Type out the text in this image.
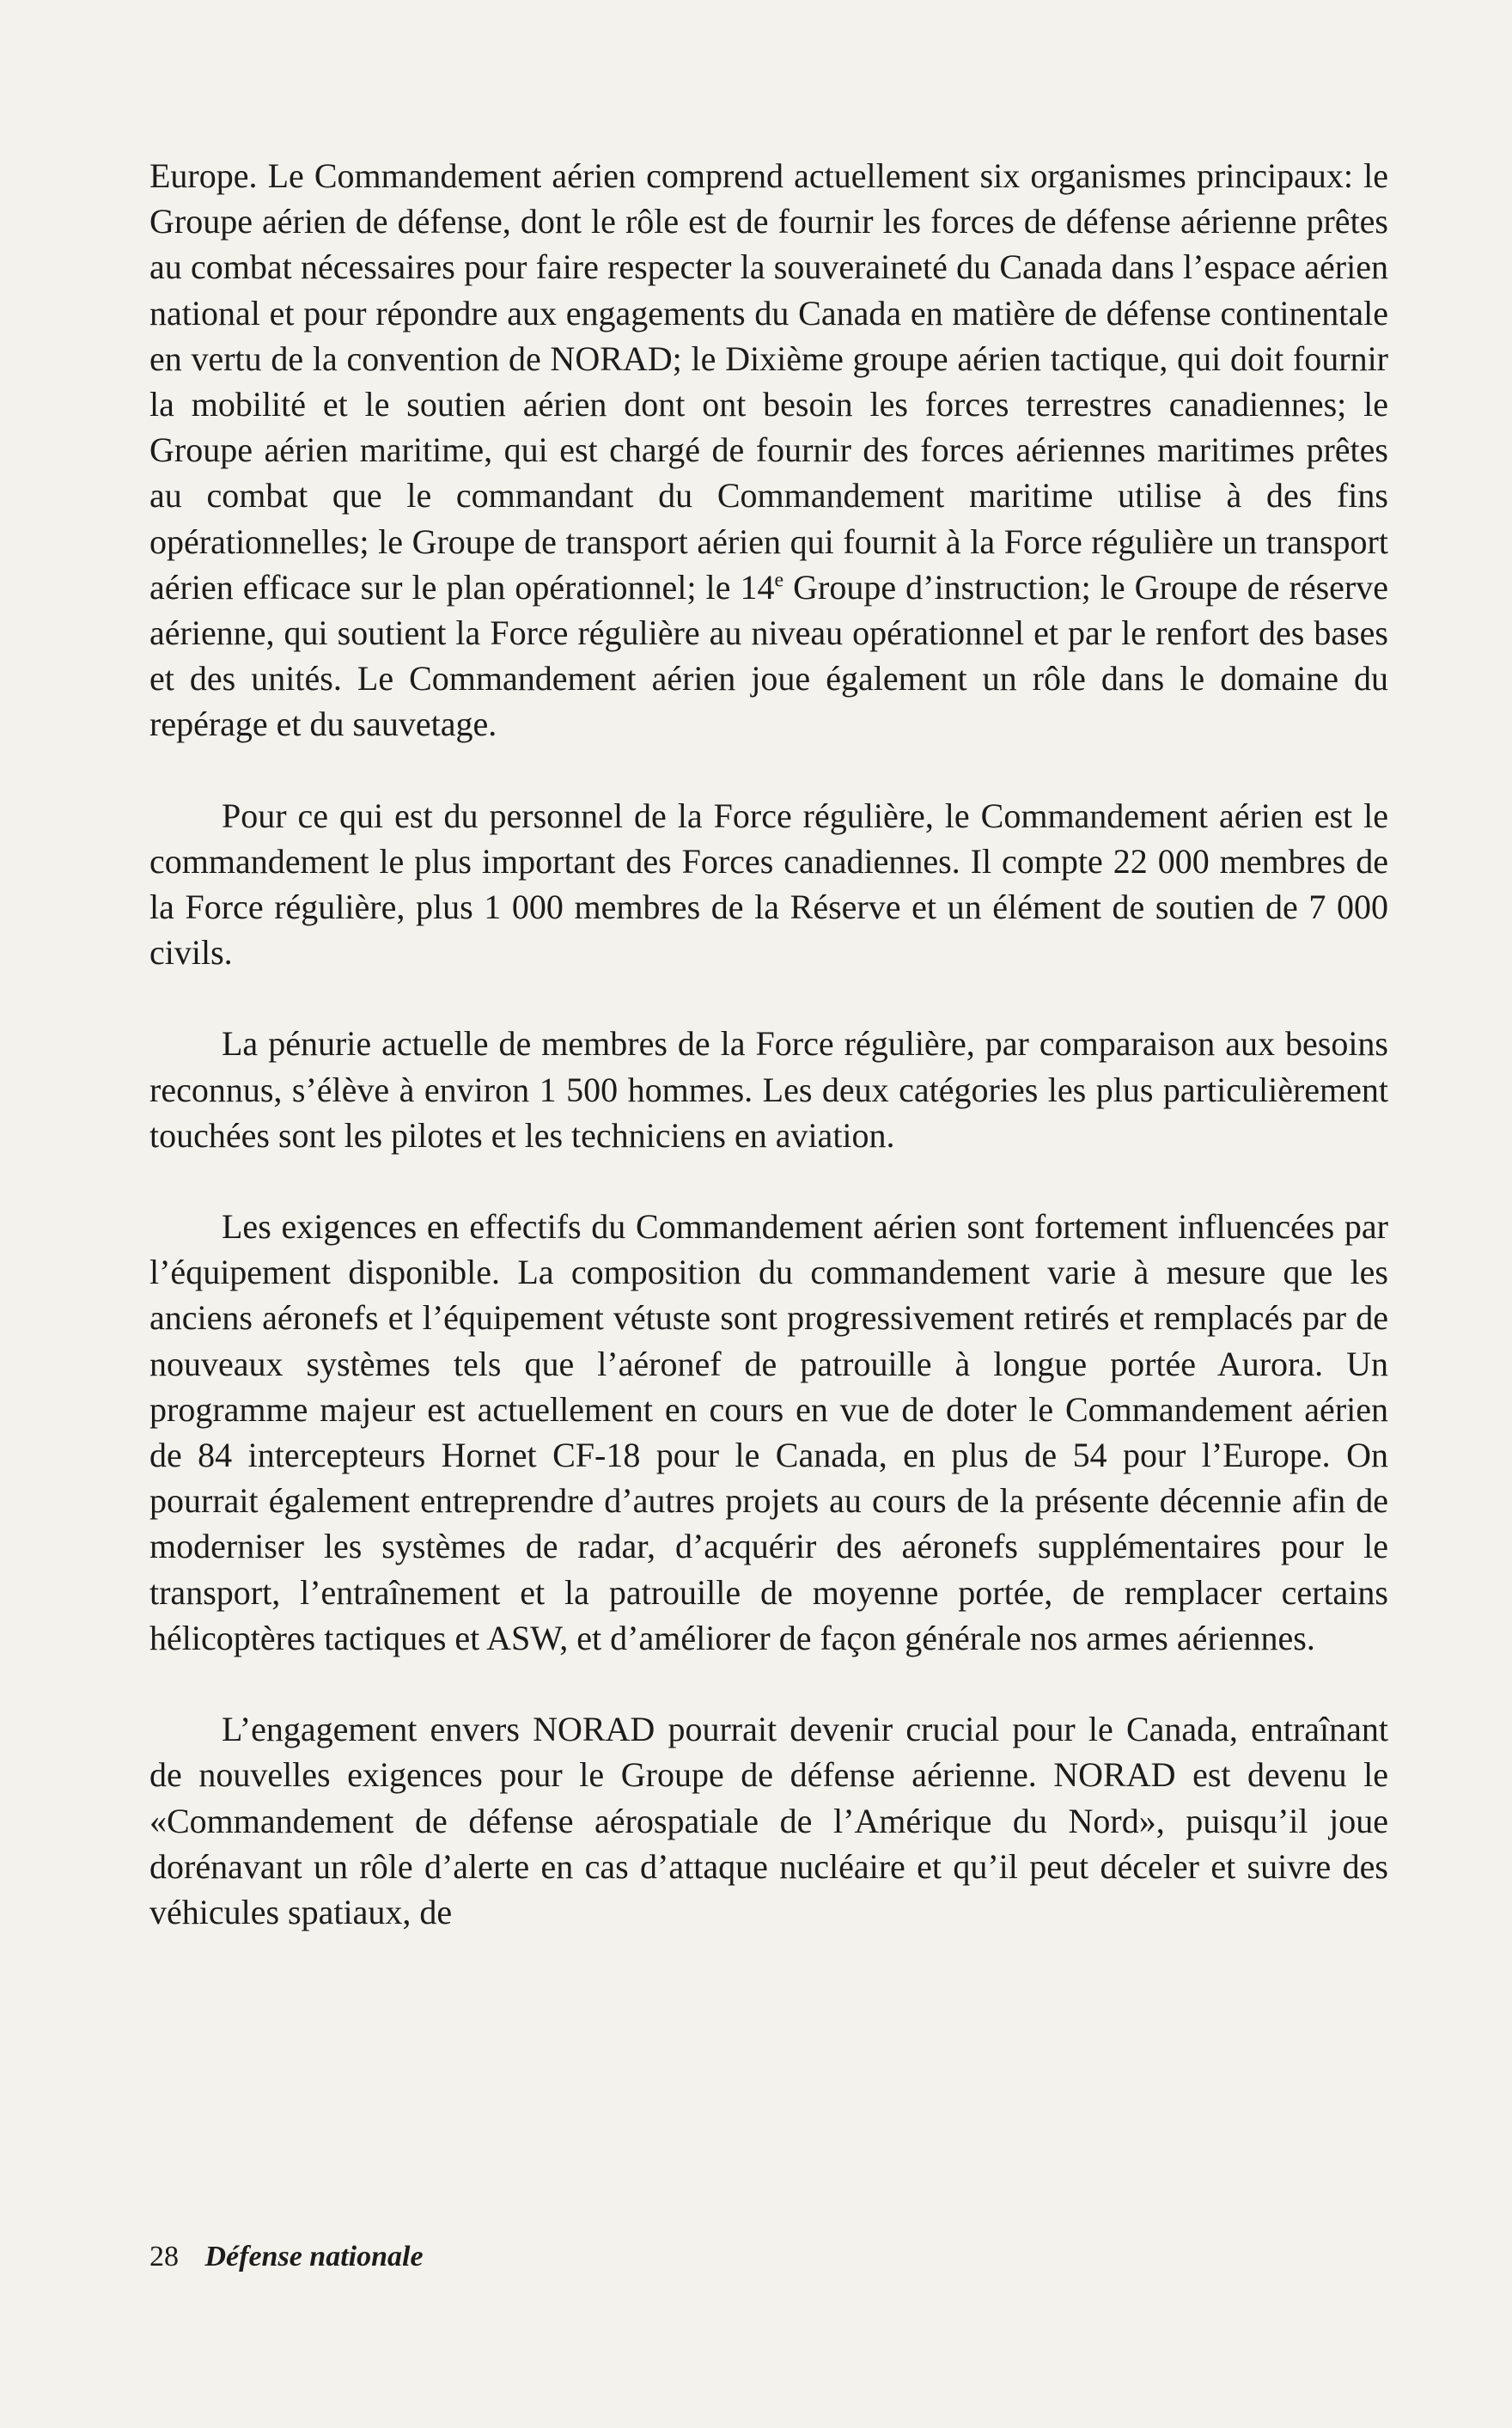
Europe. Le Commandement aérien comprend actuellement six organismes principaux: le Groupe aérien de défense, dont le rôle est de fournir les forces de défense aérienne prêtes au combat nécessaires pour faire respecter la souveraineté du Canada dans l’espace aérien national et pour répondre aux engagements du Canada en matière de défense continentale en vertu de la convention de NORAD; le Dixième groupe aérien tactique, qui doit fournir la mobilité et le soutien aérien dont ont besoin les forces terrestres canadiennes; le Groupe aérien maritime, qui est chargé de fournir des forces aériennes maritimes prêtes au combat que le commandant du Commandement maritime utilise à des fins opérationnelles; le Groupe de transport aérien qui fournit à la Force régulière un transport aérien efficace sur le plan opérationnel; le 14e Groupe d’instruction; le Groupe de réserve aérienne, qui soutient la Force régulière au niveau opérationnel et par le renfort des bases et des unités. Le Commandement aérien joue également un rôle dans le domaine du repérage et du sauvetage.

Pour ce qui est du personnel de la Force régulière, le Commandement aérien est le commandement le plus important des Forces canadiennes. Il compte 22 000 membres de la Force régulière, plus 1 000 membres de la Réserve et un élément de soutien de 7 000 civils.

La pénurie actuelle de membres de la Force régulière, par comparaison aux besoins reconnus, s’élève à environ 1 500 hommes. Les deux catégories les plus particulièrement touchées sont les pilotes et les techniciens en aviation.

Les exigences en effectifs du Commandement aérien sont fortement influencées par l’équipement disponible. La composition du commandement varie à mesure que les anciens aéronefs et l’équipement vétuste sont progressivement retirés et remplacés par de nouveaux systèmes tels que l’aéronef de patrouille à longue portée Aurora. Un programme majeur est actuellement en cours en vue de doter le Commandement aérien de 84 intercepteurs Hornet CF-18 pour le Canada, en plus de 54 pour l’Europe. On pourrait également entreprendre d’autres projets au cours de la présente décennie afin de moderniser les systèmes de radar, d’acquérir des aéronefs supplémentaires pour le transport, l’entraînement et la patrouille de moyenne portée, de remplacer certains hélicoptères tactiques et ASW, et d’améliorer de façon générale nos armes aériennes.

L’engagement envers NORAD pourrait devenir crucial pour le Canada, entraînant de nouvelles exigences pour le Groupe de défense aérienne. NORAD est devenu le «Commandement de défense aérospatiale de l’Amérique du Nord», puisqu’il joue dorénavant un rôle d’alerte en cas d’attaque nucléaire et qu’il peut déceler et suivre des véhicules spatiaux, de

28 Défense nationale
